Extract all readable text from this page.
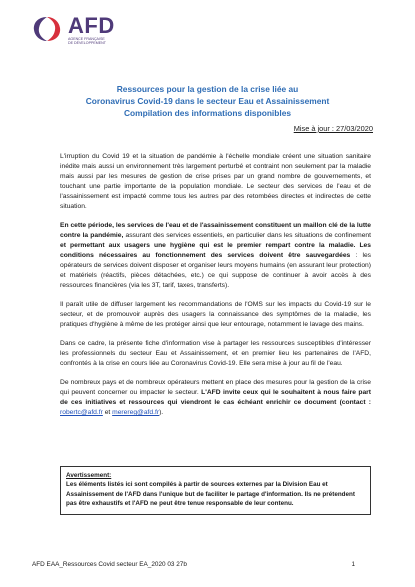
AFD
AGENCE FRANÇAISE
DE DÉVELOPPEMENT
Ressources pour la gestion de la crise liée au
Coronavirus Covid-19 dans le secteur Eau et Assainissement
Compilation des informations disponibles
Mise à jour : 27/03/2020

L'irruption du Covid 19 et la situation de pandémie à l'échelle mondiale créent une situation sanitaire inédite mais aussi un environnement très largement perturbé et contraint non seulement par la maladie mais aussi par les mesures de gestion de crise prises par un grand nombre de gouvernements, et touchant une partie importante de la population mondiale. Le secteur des services de l'eau et de l'assainissement est impacté comme tous les autres par des retombées directes et indirectes de cette situation.

En cette période, les services de l'eau et de l'assainissement constituent un maillon clé de la lutte contre la pandémie, assurant des services essentiels, en particulier dans les situations de confinement et permettant aux usagers une hygiène qui est le premier rempart contre la maladie. Les conditions nécessaires au fonctionnement des services doivent être sauvegardées : les opérateurs de services doivent disposer et organiser leurs moyens humains (en assurant leur protection) et matériels (réactifs, pièces détachées, etc.) ce qui suppose de continuer à avoir accès à des ressources financières (via les 3T, tarif, taxes, transferts).

Il paraît utile de diffuser largement les recommandations de l'OMS sur les impacts du Covid-19 sur le secteur, et de promouvoir auprès des usagers la connaissance des symptômes de la maladie, les pratiques d'hygiène à même de les protéger ainsi que leur entourage, notamment le lavage des mains.

Dans ce cadre, la présente fiche d'information vise à partager les ressources susceptibles d'intéresser les professionnels du secteur Eau et Assainissement, et en premier lieu les partenaires de l'AFD, confrontés à la crise en cours liée au Coronavirus Covid-19. Elle sera mise à jour au fil de l'eau.

De nombreux pays et de nombreux opérateurs mettent en place des mesures pour la gestion de la crise qui peuvent concerner ou impacter le secteur. L'AFD invite ceux qui le souhaitent à nous faire part de ces initiatives et ressources qui viendront le cas échéant enrichir ce document (contact : robertc@afd.fr et merereg@afd.fr).

Avertissement:
Les éléments listés ici sont compilés à partir de sources externes par la Division Eau et Assainissement de l'AFD dans l'unique but de faciliter le partage d'information. Ils ne prétendent pas être exhaustifs et l'AFD ne peut être tenue responsable de leur contenu.
AFD EAA_Ressources Covid secteur EA_2020 03 27b	1
